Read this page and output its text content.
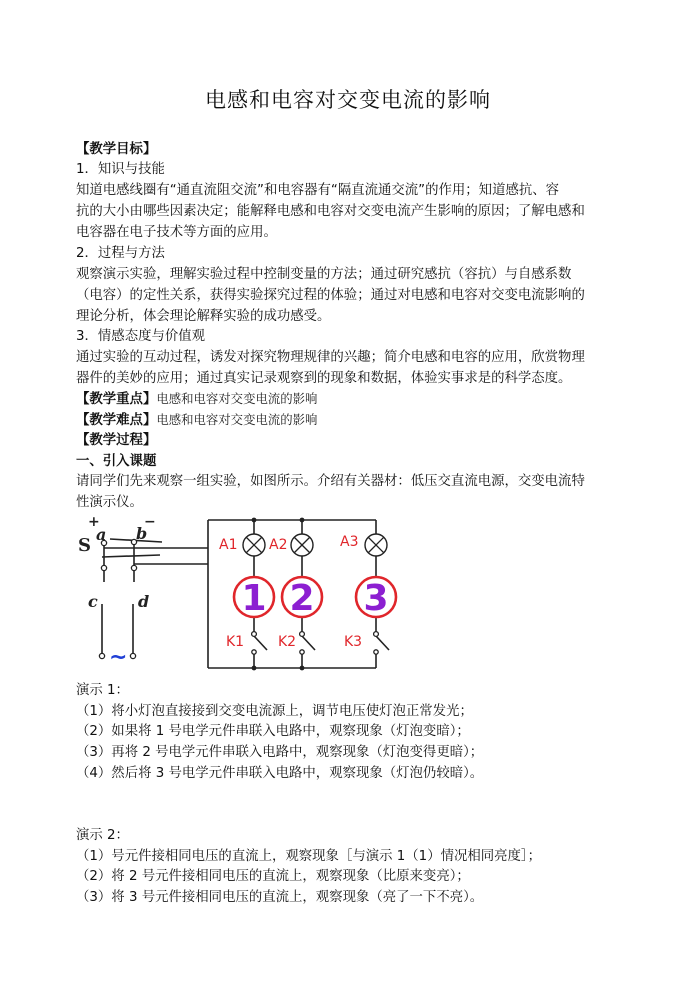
电感和电容对交变电流的影响
【教学目标】
1．知识与技能
知道电感线圈有“通直流阻交流”和电容器有“隔直流通交流”的作用；知道感抗、容
抗的大小由哪些因素决定；能解释电感和电容对交变电流产生影响的原因；了解电感和
电容器在电子技术等方面的应用。
2．过程与方法
观察演示实验，理解实验过程中控制变量的方法；通过研究感抗（容抗）与自感系数
（电容）的定性关系，获得实验探究过程的体验；通过对电感和电容对交变电流影响的
理论分析，体会理论解释实验的成功感受。
3．情感态度与价值观
通过实验的互动过程，诱发对探究物理规律的兴趣；简介电感和电容的应用，欣赏物理
器件的美妙的应用；通过真实记录观察到的现象和数据，体验实事求是的科学态度。
【教学重点】电感和电容对交变电流的影响
【教学难点】电感和电容对交变电流的影响
【教学过程】
一、引入课题
请同学们先来观察一组实验，如图所示。介绍有关器材：低压交直流电源，交变电流特
性演示仪。
1 2 3
A1 A2	A3
K1 K2	K3
S
+	−
a b
c	d
~
演示 1：
（1）将小灯泡直接接到交变电流源上，调节电压使灯泡正常发光；
（2）如果将 1 号电学元件串联入电路中，观察现象（灯泡变暗）；
（3）再将 2 号电学元件串联入电路中，观察现象（灯泡变得更暗）；
（4）然后将 3 号电学元件串联入电路中，观察现象（灯泡仍较暗）。
演示 2：
（1）号元件接相同电压的直流上，观察现象［与演示 1（1）情况相同亮度］；
（2）将 2 号元件接相同电压的直流上，观察现象（比原来变亮）；
（3）将 3 号元件接相同电压的直流上，观察现象（亮了一下不亮）。
